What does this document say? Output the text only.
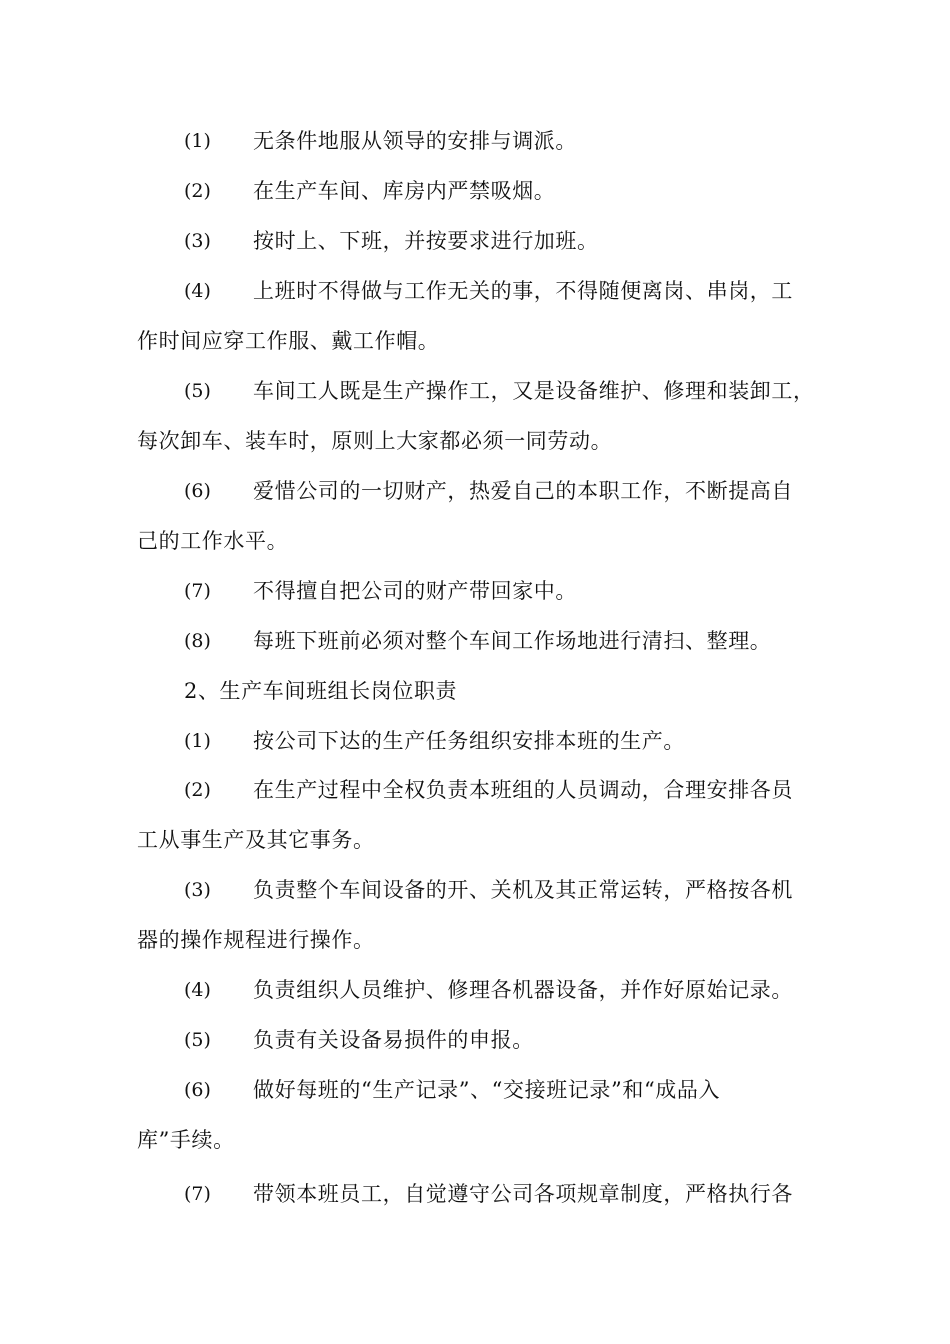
(1) 无条件地服从领导的安排与调派。
(2) 在生产车间、库房内严禁吸烟。
(3) 按时上、下班，并按要求进行加班。
(4) 上班时不得做与工作无关的事，不得随便离岗、串岗，工
作时间应穿工作服、戴工作帽。
(5) 车间工人既是生产操作工，又是设备维护、修理和装卸工，
每次卸车、装车时，原则上大家都必须一同劳动。
(6) 爱惜公司的一切财产，热爱自己的本职工作，不断提高自
己的工作水平。
(7) 不得擅自把公司的财产带回家中。
(8) 每班下班前必须对整个车间工作场地进行清扫、整理。
2、生产车间班组长岗位职责
(1) 按公司下达的生产任务组织安排本班的生产。
(2) 在生产过程中全权负责本班组的人员调动，合理安排各员
工从事生产及其它事务。
(3) 负责整个车间设备的开、关机及其正常运转，严格按各机
器的操作规程进行操作。
(4) 负责组织人员维护、修理各机器设备，并作好原始记录。
(5) 负责有关设备易损件的申报。
(6) 做好每班的“生产记录”、“交接班记录”和“成品入
库”手续。
(7) 带领本班员工，自觉遵守公司各项规章制度，严格执行各
